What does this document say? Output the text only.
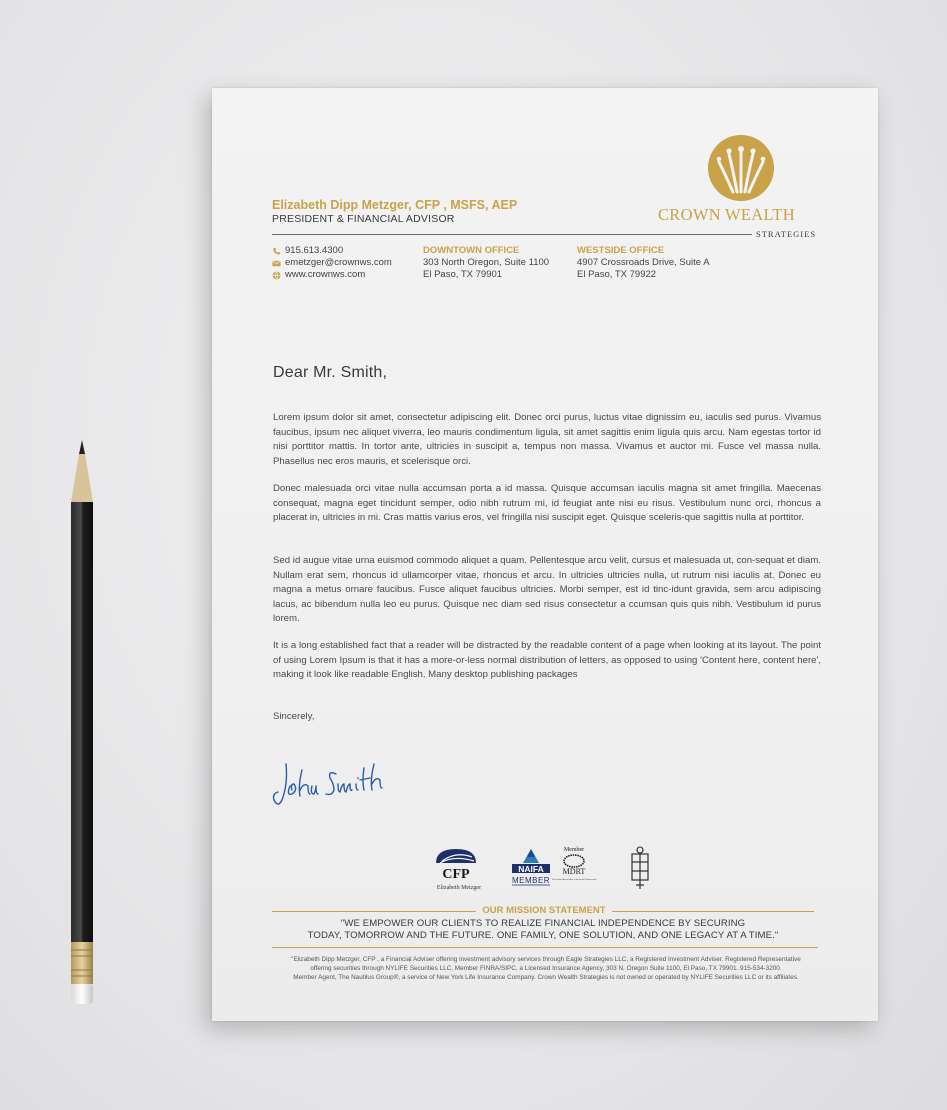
Elizabeth Dipp Metzger, CFP , MSFS, AEP
PRESIDENT & FINANCIAL ADVISOR	CROWN WEALTH
STRATEGIES
915.613.4300
emetzger@crownws.com
www.crownws.com
DOWNTOWN OFFICE
303 North Oregon, Suite 1100
El Paso, TX 79901
WESTSIDE OFFICE
4907 Crossroads Drive, Suite A
El Paso, TX 79922
Dear Mr. Smith,
Lorem ipsum dolor sit amet, consectetur adipiscing elit. Donec orci purus, luctus vitae dignissim eu, iaculis sed purus. Vivamus faucibus, ipsum nec aliquet viverra, leo mauris condimentum ligula, sit amet sagittis enim ligula quis arcu. Nam egestas tortor id nisi porttitor mattis. In tortor ante, ultricies in suscipit a, tempus non massa. Vivamus et auctor mi. Fusce vel massa nulla. Phasellus nec eros mauris, et scelerisque orci.
Donec malesuada orci vitae nulla accumsan porta a id massa. Quisque accumsan iaculis magna sit amet fringilla. Maecenas consequat, magna eget tincidunt semper, odio nibh rutrum mi, id feugiat ante nisi eu risus. Vestibulum nunc orci, rhoncus a placerat in, ultricies in mi. Cras mattis varius eros, vel fringilla nisi suscipit eget. Quisque sceleris-que sagittis nulla at porttitor.
Sed id augue vitae urna euismod commodo aliquet a quam. Pellentesque arcu velit, cursus et malesuada ut, con-sequat et diam. Nullam erat sem, rhoncus id ullamcorper vitae, rhoncus et arcu. In ultricies ultricies nulla, ut rutrum nisi iaculis at. Donec eu magna a metus ornare faucibus. Fusce aliquet faucibus ultricies. Morbi semper, est id tinc-idunt gravida, sem arcu adipiscing lacus, ac bibendum nulla leo eu purus. Quisque nec diam sed risus consectetur a ccumsan quis quis nibh. Vestibulum id purus lorem.
It is a long established fact that a reader will be distracted by the readable content of a page when looking at its layout. The point of using Lorem Ipsum is that it has a more-or-less normal distribution of letters, as opposed to using 'Content here, content here', making it look like readable English. Many desktop publishing packages
Sincerely,
CFP
Elizabeth Metzger
NAIFA
MEMBER
Member
MDRT
The Premier Association of Financial Professionals
OUR MISSION STATEMENT
"WE EMPOWER OUR CLIENTS TO REALIZE FINANCIAL INDEPENDENCE BY SECURING
TODAY, TOMORROW AND THE FUTURE. ONE FAMILY, ONE SOLUTION, AND ONE LEGACY AT A TIME."
"Elizabeth Dipp Metzger, CFP , a Financial Adviser offering investment advisory services through Eagle Strategies LLC, a Registered Investment Adviser. Registered Representative
offering securities through NYLIFE Securities LLC, Member FINRA/SIPC, a Licensed Insurance Agency, 303 N. Oregon Suite 1100, El Paso, TX 79901. 915-534-3200.
Member Agent, The Nautilus Group®, a service of New York Life Insurance Company. Crown Wealth Strategies is not owned or operated by NYLIFE Securities LLC or its affiliates.
